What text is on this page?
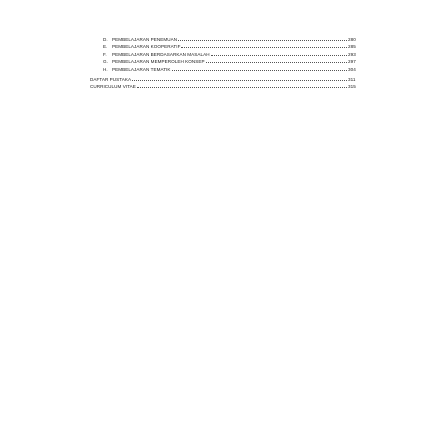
D. PEMBELAJARAN PENEMUAN	280
E. PEMBELAJARAN KOOPERATIF	285
F.	PEMBELAJARAN BERDASARKAN MASALAH	293
G. PEMBELAJARAN MEMPEROLEH KONSEP	297
H. PEMBELAJARAN TEMATIK	304
DAFTAR PUSTAKA	311
CURRICULUM VITAE	315
